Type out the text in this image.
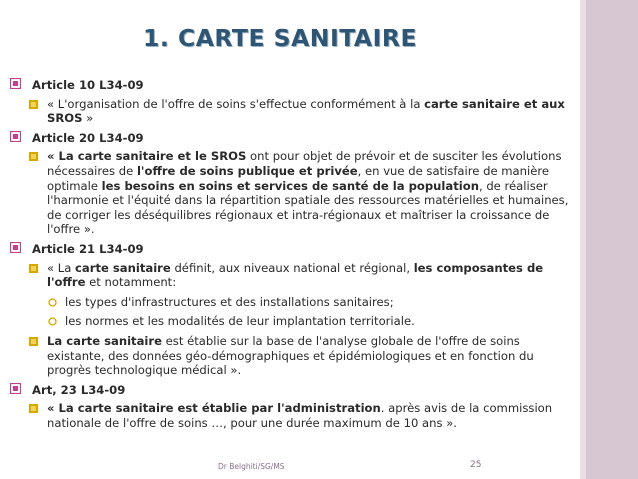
1. CARTE SANITAIRE
Article 10 L34-09
« L'organisation de l'offre de soins s'effectue conformément à la carte sanitaire et aux SROS »
Article 20 L34-09
« La carte sanitaire et le SROS ont pour objet de prévoir et de susciter les évolutions nécessaires de l'offre de soins publique et privée, en vue de satisfaire de manière optimale les besoins en soins et services de santé de la population, de réaliser l'harmonie et l'équité dans la répartition spatiale des ressources matérielles et humaines, de corriger les déséquilibres régionaux et intra-régionaux et maîtriser la croissance de l'offre ».
Article 21 L34-09
« La carte sanitaire définit, aux niveaux national et régional, les composantes de l'offre et notamment:
les types d'infrastructures et des installations sanitaires;
les normes et les modalités de leur implantation territoriale.
La carte sanitaire est établie sur la base de l'analyse globale de l'offre de soins existante, des données géo-démographiques et épidémiologiques et en fonction du progrès technologique médical ».
Art, 23 L34-09
« La carte sanitaire est établie par l'administration. après avis de la commission nationale de l'offre de soins …, pour une durée maximum de 10 ans ».
Dr Belghiti/SG/MS	25
